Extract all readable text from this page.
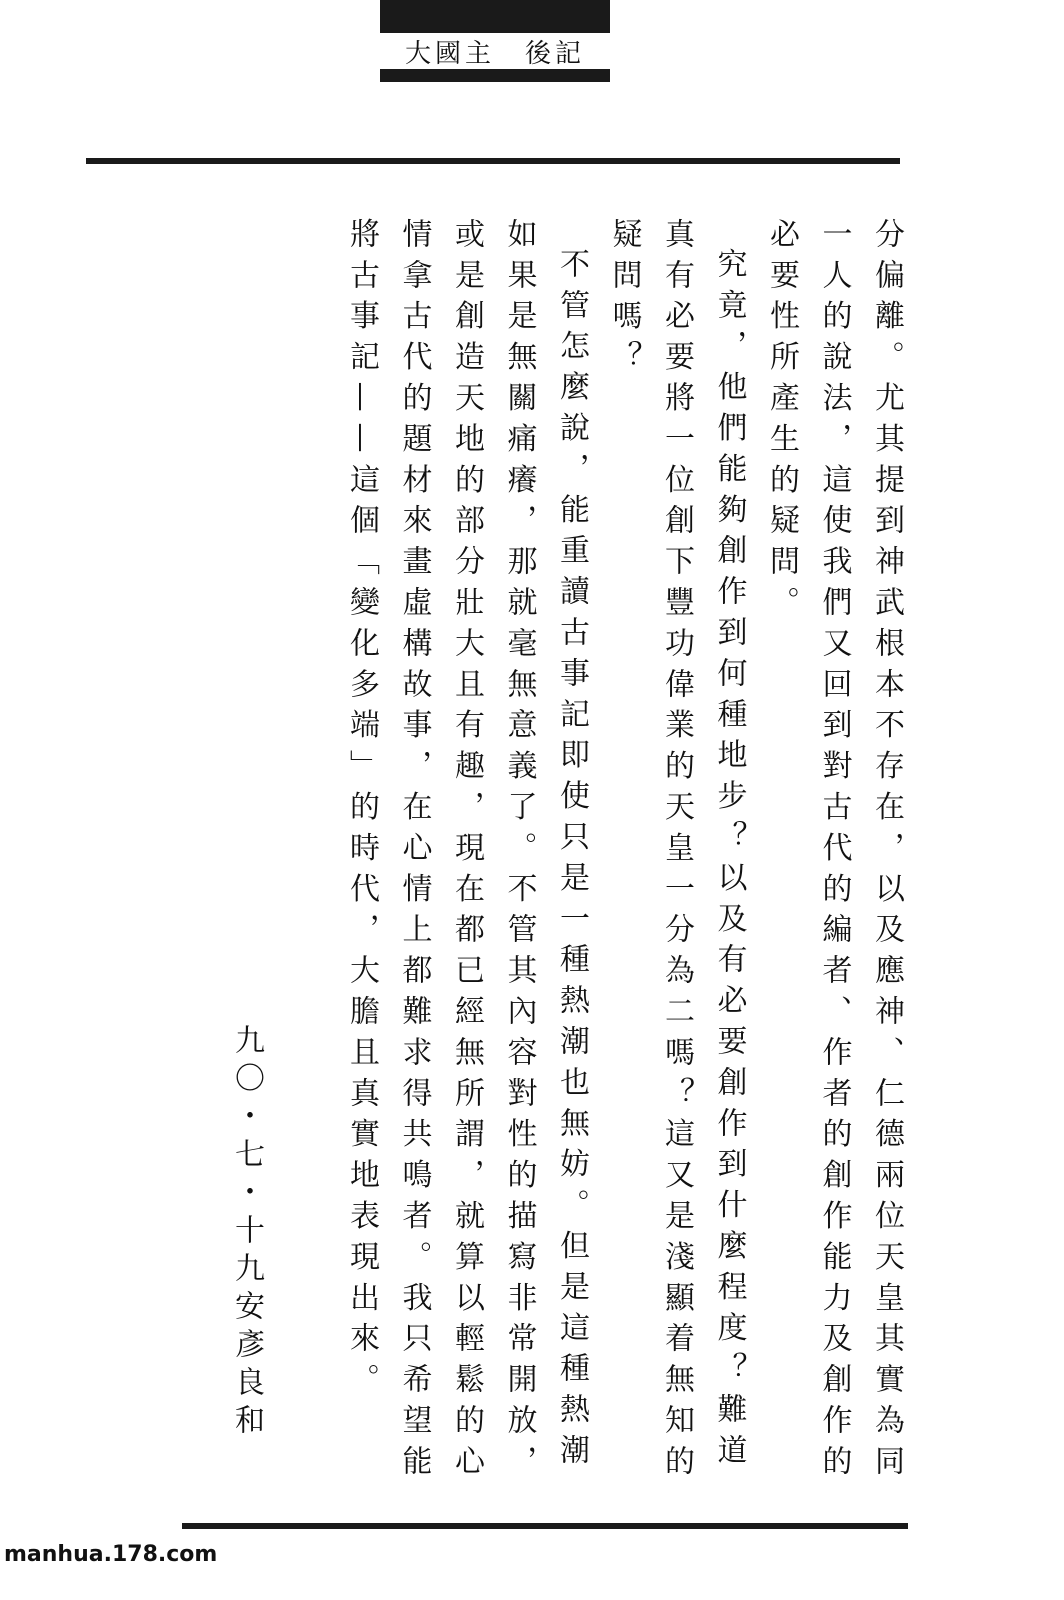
大國主　後記

分偏離。尤其提到神武根本不存在，以及應神、仁德兩位天皇其實為同一人的說法，這使我們又回到對古代的編者、作者的創作能力及創作的必要性所產生的疑問。

究竟，他們能夠創作到何種地步？以及有必要創作到什麼程度？難道真有必要將一位創下豐功偉業的天皇一分為二嗎？這又是淺顯着無知的疑問嗎？

不管怎麼說，能重讀古事記即使只是一種熱潮也無妨。但是這種熱潮如果是無關痛癢，那就毫無意義了。不管其內容對性的描寫非常開放，或是創造天地的部分壯大且有趣，現在都已經無所謂，就算以輕鬆的心情拿古代的題材來畫虛構故事，在心情上都難求得共鳴者。我只希望能將古事記——這個「變化多端」的時代，大膽且真實地表現出來。

九〇・七・十九安彥良和
manhua.178.com
